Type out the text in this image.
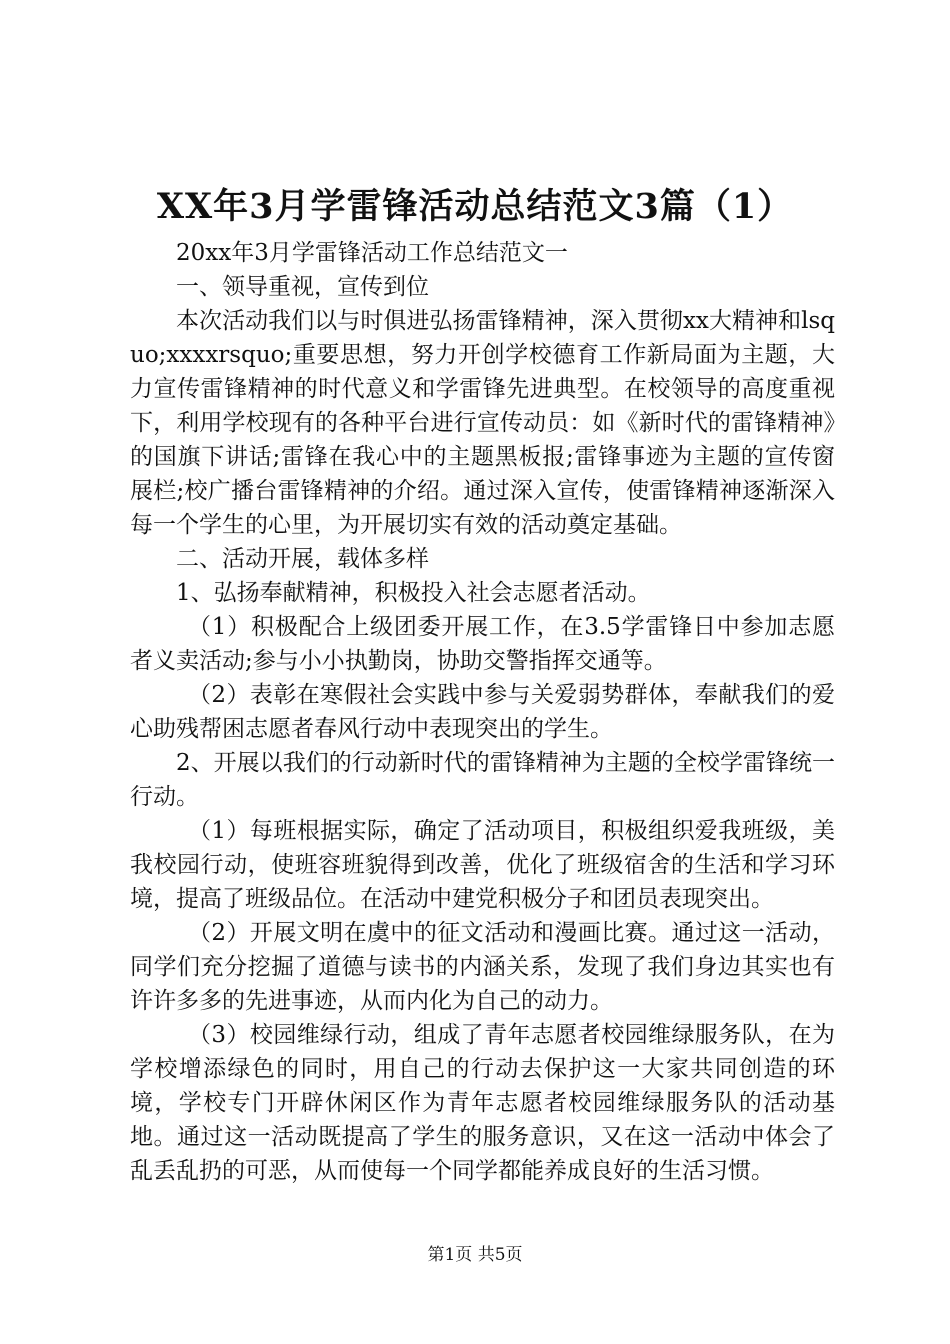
XX年3月学雷锋活动总结范文3篇（1）

20xx年3月学雷锋活动工作总结范文一

一、领导重视，宣传到位

本次活动我们以与时俱进弘扬雷锋精神，深入贯彻xx大精神和lsquo;xxxxrsquo;重要思想，努力开创学校德育工作新局面为主题，大力宣传雷锋精神的时代意义和学雷锋先进典型。在校领导的高度重视下，利用学校现有的各种平台进行宣传动员：如《新时代的雷锋精神》的国旗下讲话;雷锋在我心中的主题黑板报;雷锋事迹为主题的宣传窗展栏;校广播台雷锋精神的介绍。通过深入宣传，使雷锋精神逐渐深入每一个学生的心里，为开展切实有效的活动奠定基础。

二、活动开展，载体多样

1、弘扬奉献精神，积极投入社会志愿者活动。

（1）积极配合上级团委开展工作，在3.5学雷锋日中参加志愿者义卖活动;参与小小执勤岗，协助交警指挥交通等。

（2）表彰在寒假社会实践中参与关爱弱势群体，奉献我们的爱心助残帮困志愿者春风行动中表现突出的学生。

2、开展以我们的行动新时代的雷锋精神为主题的全校学雷锋统一行动。

（1）每班根据实际，确定了活动项目，积极组织爱我班级，美我校园行动，使班容班貌得到改善，优化了班级宿舍的生活和学习环境，提高了班级品位。在活动中建党积极分子和团员表现突出。

（2）开展文明在虞中的征文活动和漫画比赛。通过这一活动，同学们充分挖掘了道德与读书的内涵关系，发现了我们身边其实也有许许多多的先进事迹，从而内化为自己的动力。

（3）校园维绿行动，组成了青年志愿者校园维绿服务队，在为学校增添绿色的同时，用自己的行动去保护这一大家共同创造的环境，学校专门开辟休闲区作为青年志愿者校园维绿服务队的活动基地。通过这一活动既提高了学生的服务意识，又在这一活动中体会了乱丢乱扔的可恶，从而使每一个同学都能养成良好的生活习惯。

第1页 共5页
